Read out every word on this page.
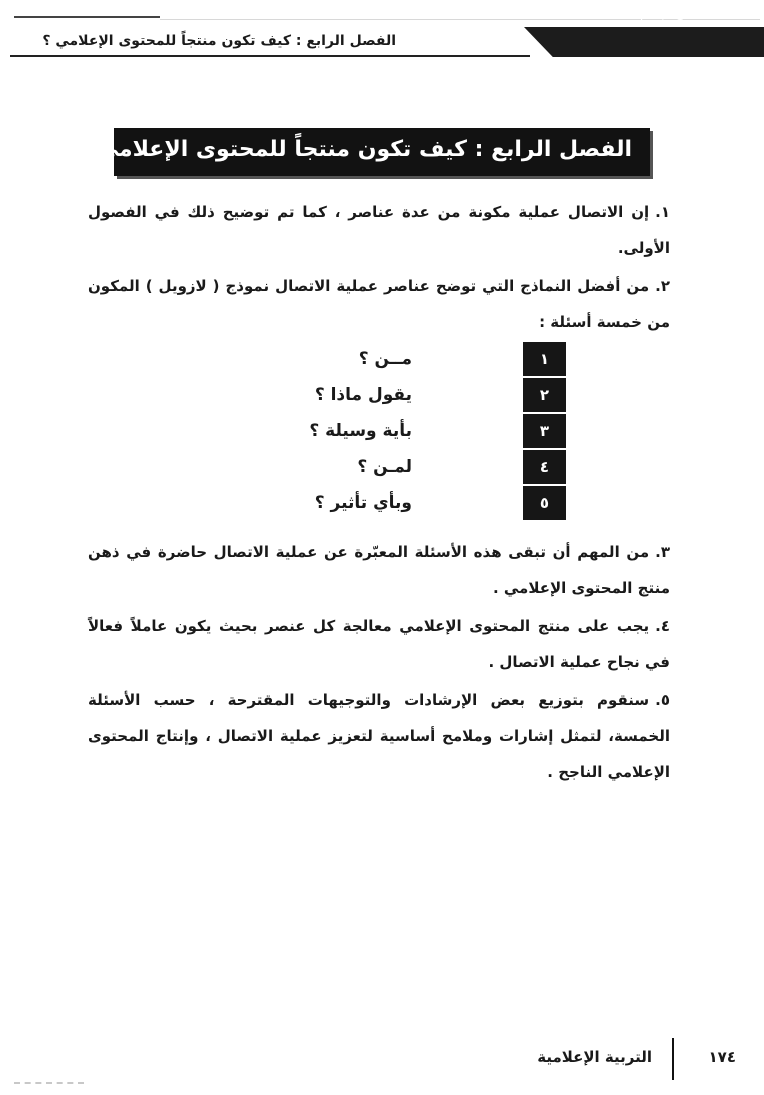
الفصل الرابع : كيف تكون منتجاً للمحتوى الإعلامي ؟
كيف تتعامل مع الإعلام؟
الفصل الرابع : كيف تكون منتجاً للمحتوى الإعلامي ؟
١.إن الاتصال عملية مكونة من عدة عناصر ، كما تم توضيح ذلك في الفصول الأولى.
٢.من أفضل النماذج التي توضح عناصر عملية الاتصال نموذج ( لازويل ) المكون من خمسة أسئلة :
١
مــن ؟
٢
يقول ماذا ؟
٣
بأية وسيلة ؟
٤
لمـن ؟
٥
وبأي تأثير ؟
٣.من المهم أن تبقى هذه الأسئلة المعبّرة عن عملية الاتصال حاضرة في ذهن منتج المحتوى الإعلامي .
٤.يجب على منتج المحتوى الإعلامي معالجة كل عنصر بحيث يكون عاملاً فعالاً في نجاح عملية الاتصال .
٥.سنقوم بتوزيع بعض الإرشادات والتوجيهات المقترحة ، حسب الأسئلة الخمسة، لتمثل إشارات وملامح أساسية لتعزيز عملية الاتصال ، وإنتاج المحتوى الإعلامي الناجح .
التربية الإعلامية	١٧٤
